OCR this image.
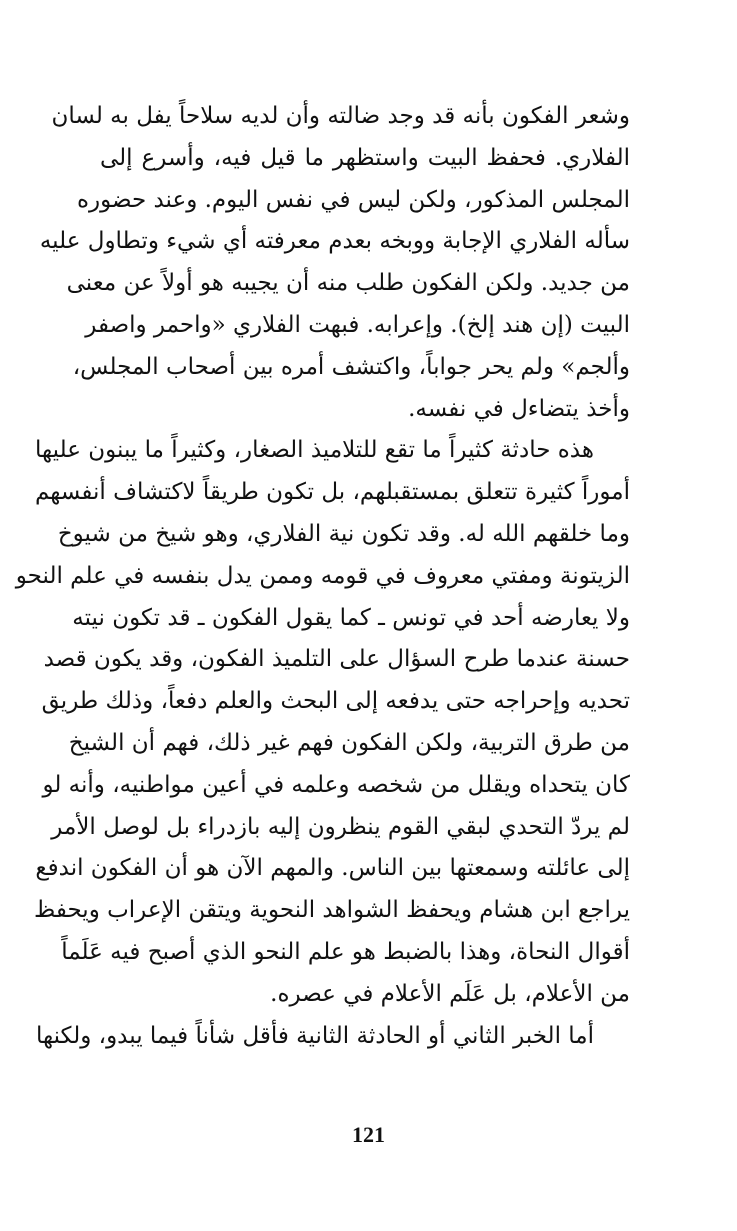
وشعر الفكون بأنه قد وجد ضالته وأن لديه سلاحاً يفل به لسان
الفلاري. فحفظ البيت واستظهر ما قيل فيه، وأسرع إلى
المجلس المذكور، ولكن ليس في نفس اليوم. وعند حضوره
سأله الفلاري الإجابة ووبخه بعدم معرفته أي شيء وتطاول عليه
من جديد. ولكن الفكون طلب منه أن يجيبه هو أولاً عن معنى
البيت (إن هند إلخ). وإعرابه. فبهت الفلاري «واحمر واصفر
وألجم» ولم يحر جواباً، واكتشف أمره بين أصحاب المجلس،
وأخذ يتضاءل في نفسه.
هذه حادثة كثيراً ما تقع للتلاميذ الصغار، وكثيراً ما يبنون عليها
أموراً كثيرة تتعلق بمستقبلهم، بل تكون طريقاً لاكتشاف أنفسهم
وما خلقهم الله له. وقد تكون نية الفلاري، وهو شيخ من شيوخ
الزيتونة ومفتي معروف في قومه وممن يدل بنفسه في علم النحو
ولا يعارضه أحد في تونس ـ كما يقول الفكون ـ قد تكون نيته
حسنة عندما طرح السؤال على التلميذ الفكون، وقد يكون قصد
تحديه وإحراجه حتى يدفعه إلى البحث والعلم دفعاً، وذلك طريق
من طرق التربية، ولكن الفكون فهم غير ذلك، فهم أن الشيخ
كان يتحداه ويقلل من شخصه وعلمه في أعين مواطنيه، وأنه لو
لم يردّ التحدي لبقي القوم ينظرون إليه بازدراء بل لوصل الأمر
إلى عائلته وسمعتها بين الناس. والمهم الآن هو أن الفكون اندفع
يراجع ابن هشام ويحفظ الشواهد النحوية ويتقن الإعراب ويحفظ
أقوال النحاة، وهذا بالضبط هو علم النحو الذي أصبح فيه عَلَماً
من الأعلام، بل عَلَم الأعلام في عصره.
أما الخبر الثاني أو الحادثة الثانية فأقل شأناً فيما يبدو، ولكنها
121
